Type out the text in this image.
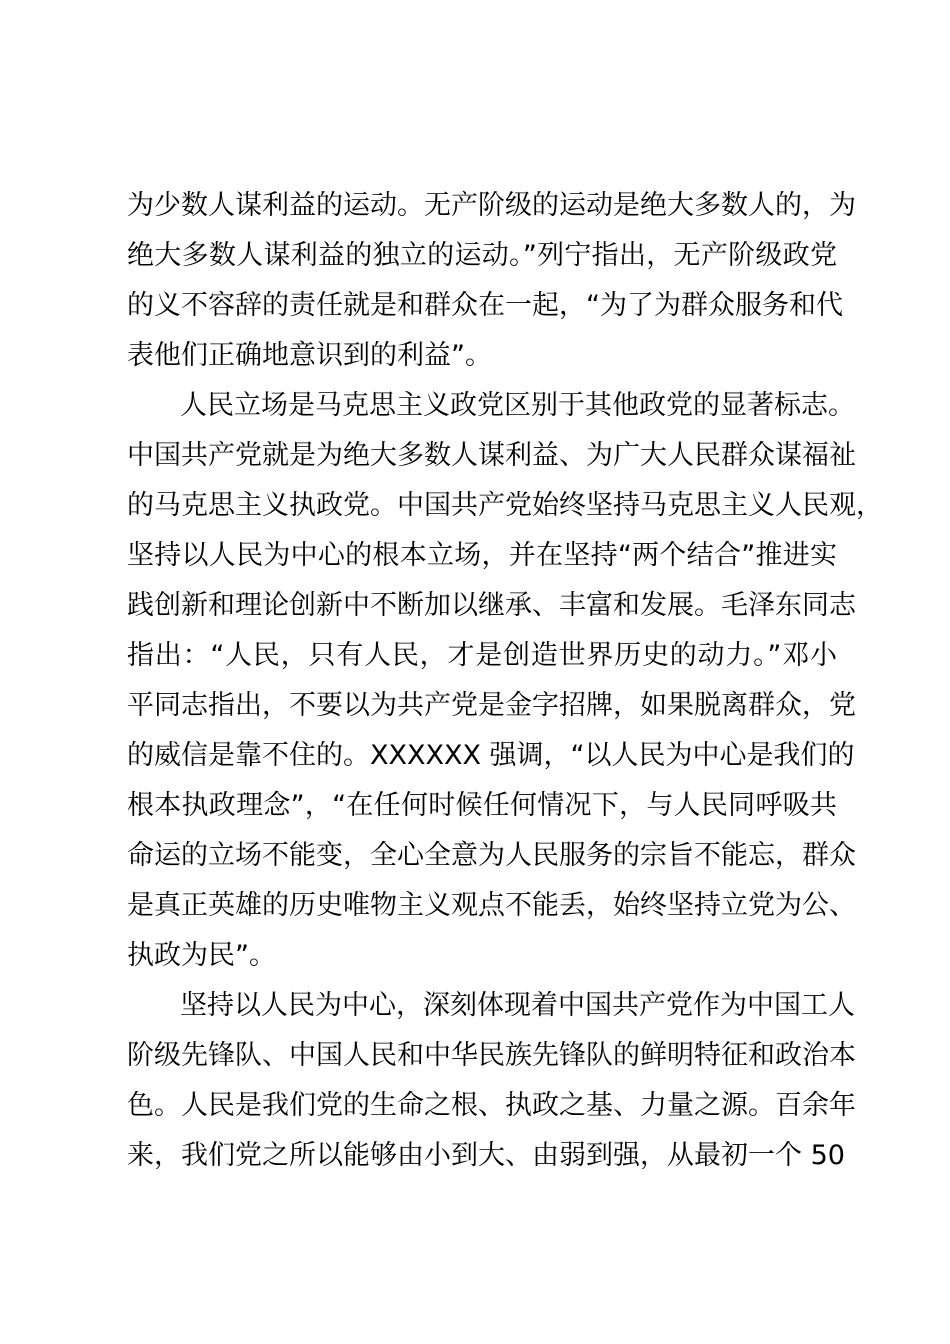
为少数人谋利益的运动。无产阶级的运动是绝大多数人的，为
绝大多数人谋利益的独立的运动。”列宁指出，无产阶级政党
的义不容辞的责任就是和群众在一起，“为了为群众服务和代
表他们正确地意识到的利益”。
人民立场是马克思主义政党区别于其他政党的显著标志。
中国共产党就是为绝大多数人谋利益、为广大人民群众谋福祉
的马克思主义执政党。中国共产党始终坚持马克思主义人民观，
坚持以人民为中心的根本立场，并在坚持“两个结合”推进实
践创新和理论创新中不断加以继承、丰富和发展。毛泽东同志
指出：“人民，只有人民，才是创造世界历史的动力。”邓小
平同志指出，不要以为共产党是金字招牌，如果脱离群众，党
的威信是靠不住的。XXXXXX 强调，“以人民为中心是我们的
根本执政理念”，“在任何时候任何情况下，与人民同呼吸共
命运的立场不能变，全心全意为人民服务的宗旨不能忘，群众
是真正英雄的历史唯物主义观点不能丢，始终坚持立党为公、
执政为民”。
坚持以人民为中心，深刻体现着中国共产党作为中国工人
阶级先锋队、中国人民和中华民族先锋队的鲜明特征和政治本
色。人民是我们党的生命之根、执政之基、力量之源。百余年
来，我们党之所以能够由小到大、由弱到强，从最初一个 50
